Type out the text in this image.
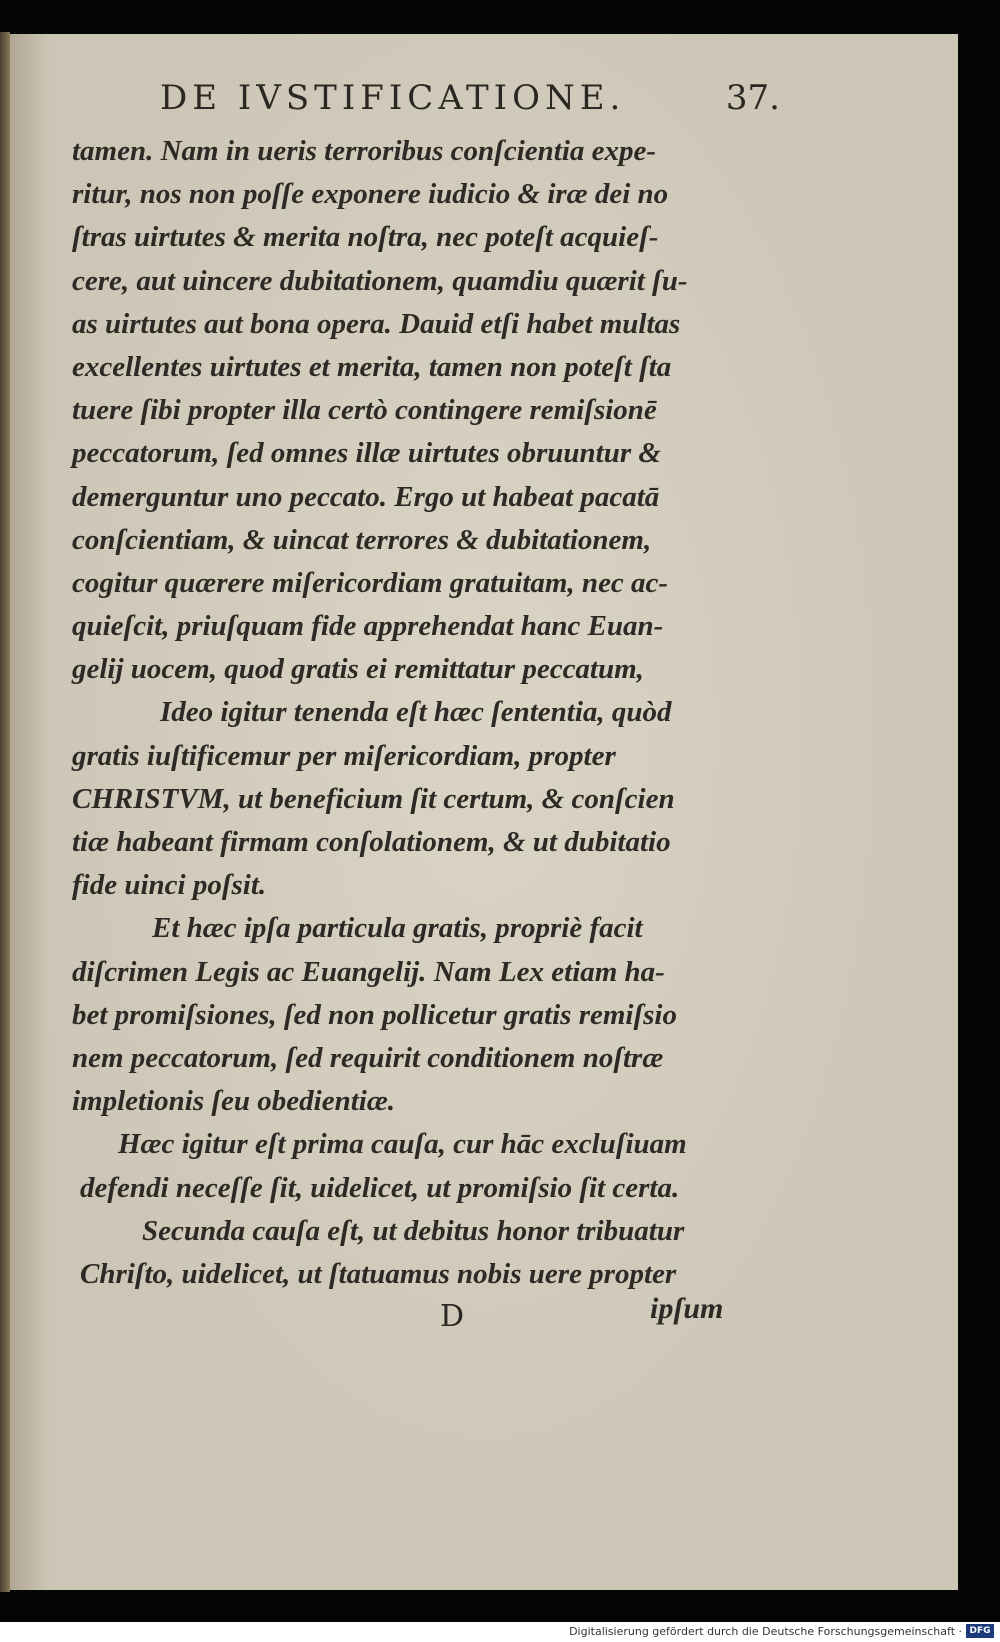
DE IVSTIFICATIONE.	37.
tamen. Nam in ueris terroribus conſcientia expe-
ritur, nos non poſſe exponere iudicio & iræ dei no
ſtras uirtutes & merita noſtra, nec poteſt acquieſ-
cere, aut uincere dubitationem, quamdiu quærit ſu-
as uirtutes aut bona opera. Dauid etſi habet multas
excellentes uirtutes et merita, tamen non poteſt ſta
tuere ſibi propter illa certò contingere remiſsionē
peccatorum, ſed omnes illæ uirtutes obruuntur &
demerguntur uno peccato. Ergo ut habeat pacatā
conſcientiam, & uincat terrores & dubitationem,
cogitur quærere miſericordiam gratuitam, nec ac-
quieſcit, priuſquam fide apprehendat hanc Euan-
gelij uocem, quod gratis ei remittatur peccatum,
Ideo igitur tenenda eſt hæc ſententia, quòd
gratis iuſtificemur per miſericordiam, propter
CHRISTVM, ut beneficium ſit certum, & conſcien
tiæ habeant firmam conſolationem, & ut dubitatio
fide uinci poſsit.
Et hæc ipſa particula gratis, propriè facit
diſcrimen Legis ac Euangelij. Nam Lex etiam ha-
bet promiſsiones, ſed non pollicetur gratis remiſsio
nem peccatorum, ſed requirit conditionem noſtræ
impletionis ſeu obedientiæ.
Hæc igitur eſt prima cauſa, cur hāc excluſiuam
defendi neceſſe ſit, uidelicet, ut promiſsio ſit certa.
Secunda cauſa eſt, ut debitus honor tribuatur
Chriſto, uidelicet, ut ſtatuamus nobis uere propter
D	ipſum
Digitalisierung gefördert durch die Deutsche Forschungsgemeinschaft · DFG
